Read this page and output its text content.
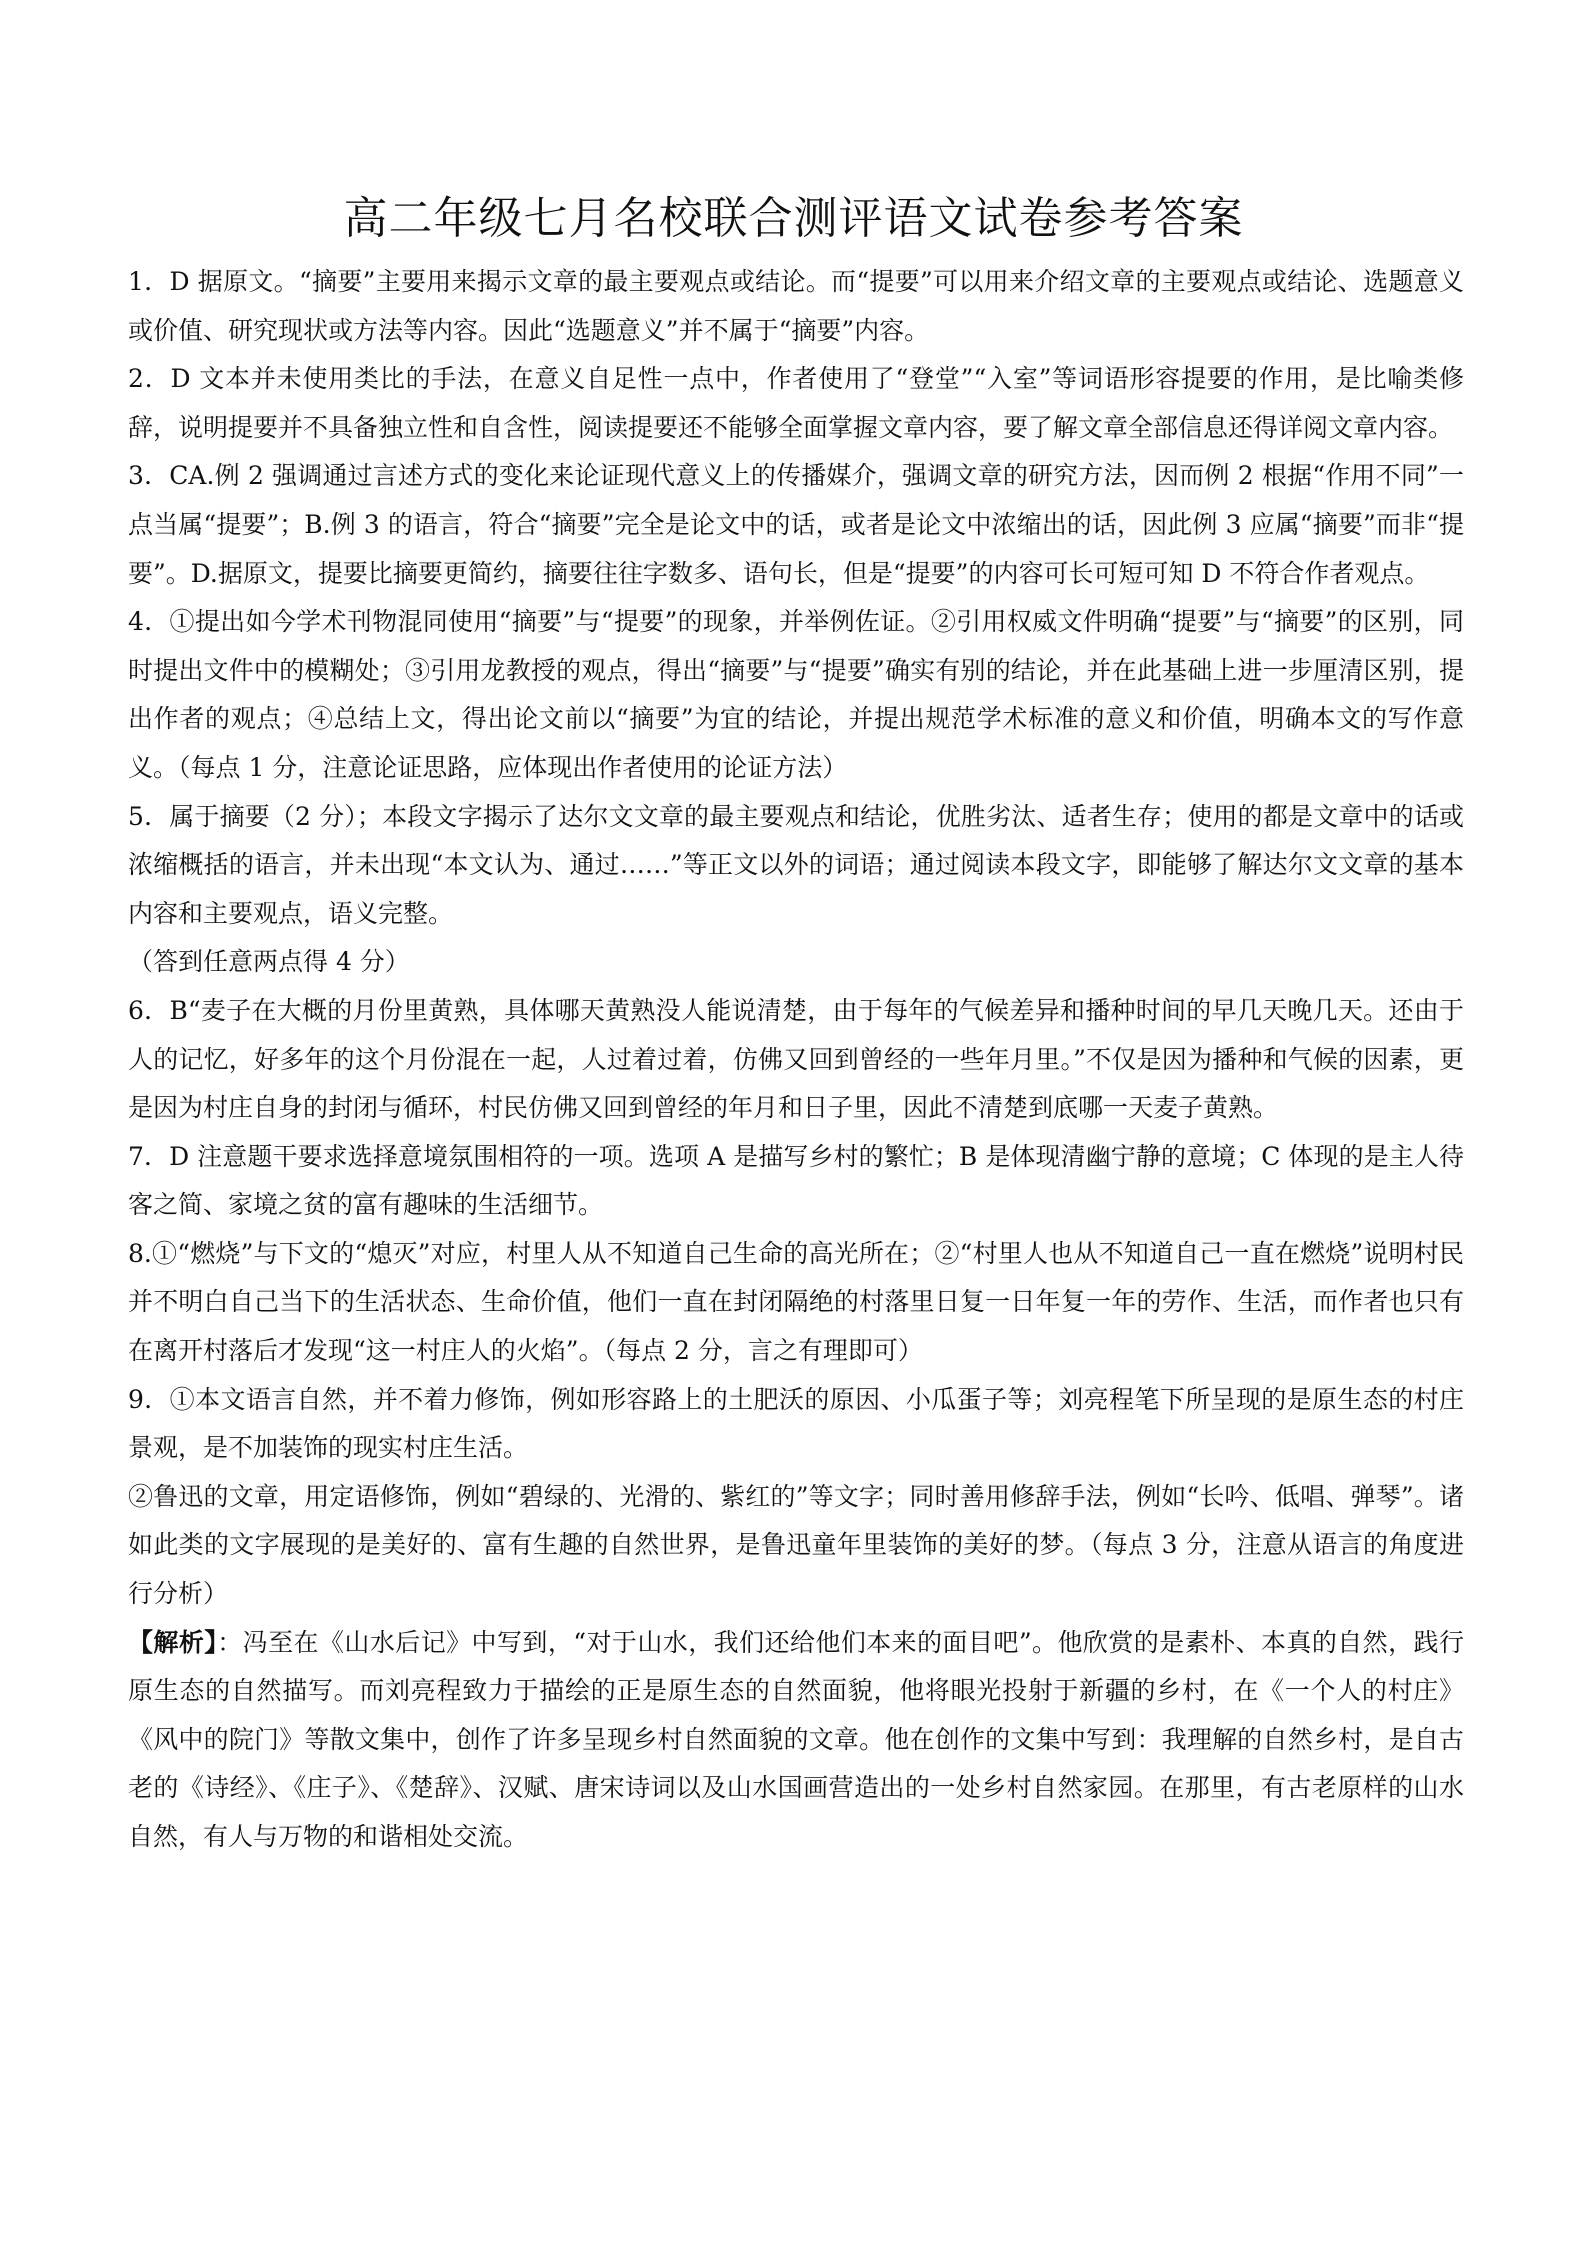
高二年级七月名校联合测评语文试卷参考答案

1．D 据原文。“摘要”主要用来揭示文章的最主要观点或结论。而“提要”可以用来介绍文章的主要观点或结论、选题意义或价值、研究现状或方法等内容。因此“选题意义”并不属于“摘要”内容。

2．D 文本并未使用类比的手法，在意义自足性一点中，作者使用了“登堂”“入室”等词语形容提要的作用，是比喻类修辞，说明提要并不具备独立性和自含性，阅读提要还不能够全面掌握文章内容，要了解文章全部信息还得详阅文章内容。

3．CA.例 2 强调通过言述方式的变化来论证现代意义上的传播媒介，强调文章的研究方法，因而例 2 根据“作用不同”一点当属“提要”；B.例 3 的语言，符合“摘要”完全是论文中的话，或者是论文中浓缩出的话，因此例 3 应属“摘要”而非“提要”。D.据原文，提要比摘要更简约，摘要往往字数多、语句长，但是“提要”的内容可长可短可知 D 不符合作者观点。

4．①提出如今学术刊物混同使用“摘要”与“提要”的现象，并举例佐证。②引用权威文件明确“提要”与“摘要”的区别，同时提出文件中的模糊处；③引用龙教授的观点，得出“摘要”与“提要”确实有别的结论，并在此基础上进一步厘清区别，提出作者的观点；④总结上文，得出论文前以“摘要”为宜的结论，并提出规范学术标准的意义和价值，明确本文的写作意义。（每点 1 分，注意论证思路，应体现出作者使用的论证方法）

5．属于摘要（2 分）；本段文字揭示了达尔文文章的最主要观点和结论，优胜劣汰、适者生存；使用的都是文章中的话或浓缩概括的语言，并未出现“本文认为、通过……”等正文以外的词语；通过阅读本段文字，即能够了解达尔文文章的基本内容和主要观点，语义完整。

（答到任意两点得 4 分）

6．B“麦子在大概的月份里黄熟，具体哪天黄熟没人能说清楚，由于每年的气候差异和播种时间的早几天晚几天。还由于人的记忆，好多年的这个月份混在一起，人过着过着，仿佛又回到曾经的一些年月里。”不仅是因为播种和气候的因素，更是因为村庄自身的封闭与循环，村民仿佛又回到曾经的年月和日子里，因此不清楚到底哪一天麦子黄熟。

7．D 注意题干要求选择意境氛围相符的一项。选项 A 是描写乡村的繁忙；B 是体现清幽宁静的意境；C 体现的是主人待客之简、家境之贫的富有趣味的生活细节。

8.①“燃烧”与下文的“熄灭”对应，村里人从不知道自己生命的高光所在；②“村里人也从不知道自己一直在燃烧”说明村民并不明白自己当下的生活状态、生命价值，他们一直在封闭隔绝的村落里日复一日年复一年的劳作、生活，而作者也只有在离开村落后才发现“这一村庄人的火焰”。（每点 2 分，言之有理即可）

9．①本文语言自然，并不着力修饰，例如形容路上的土肥沃的原因、小瓜蛋子等；刘亮程笔下所呈现的是原生态的村庄景观，是不加装饰的现实村庄生活。

②鲁迅的文章，用定语修饰，例如“碧绿的、光滑的、紫红的”等文字；同时善用修辞手法，例如“长吟、低唱、弹琴”。诸如此类的文字展现的是美好的、富有生趣的自然世界，是鲁迅童年里装饰的美好的梦。（每点 3 分，注意从语言的角度进行分析）

【解析】：冯至在《山水后记》中写到，“对于山水，我们还给他们本来的面目吧”。他欣赏的是素朴、本真的自然，践行原生态的自然描写。而刘亮程致力于描绘的正是原生态的自然面貌，他将眼光投射于新疆的乡村，在《一个人的村庄》《风中的院门》等散文集中，创作了许多呈现乡村自然面貌的文章。他在创作的文集中写到：我理解的自然乡村，是自古老的《诗经》、《庄子》、《楚辞》、汉赋、唐宋诗词以及山水国画营造出的一处乡村自然家园。在那里，有古老原样的山水自然，有人与万物的和谐相处交流。
